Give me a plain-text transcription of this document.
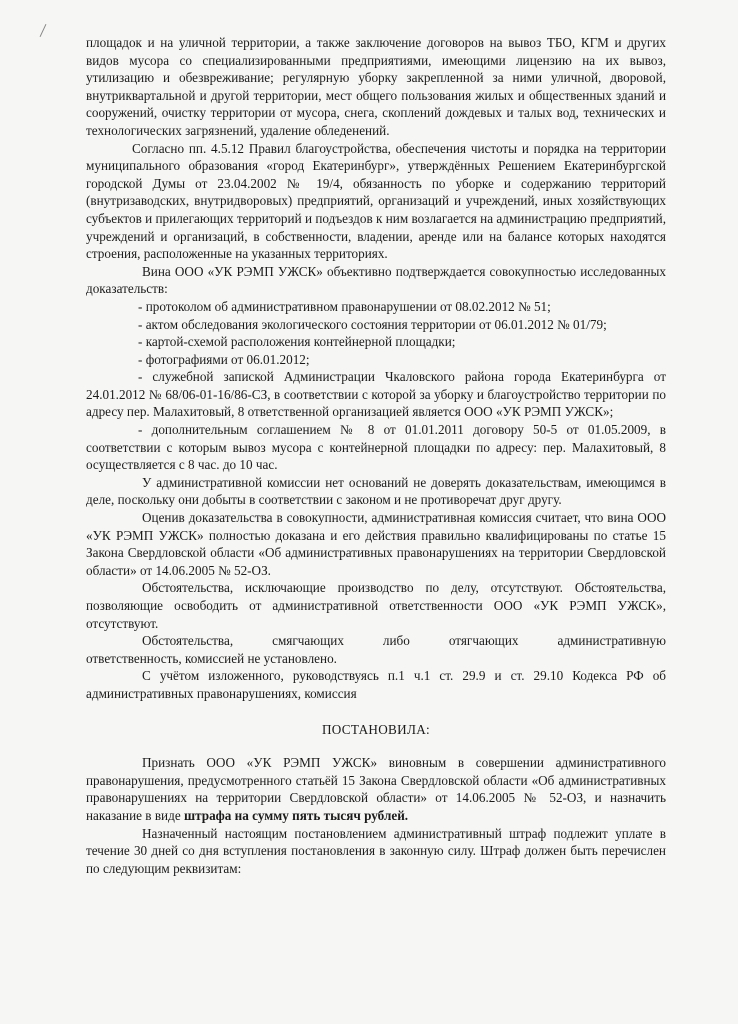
площадок и на уличной территории, а также заключение договоров на вывоз ТБО, КГМ и других видов мусора со специализированными предприятиями, имеющими лицензию на их вывоз, утилизацию и обезвреживание; регулярную уборку закрепленной за ними уличной, дворовой, внутриквартальной и другой территории, мест общего пользования жилых и общественных зданий и сооружений, очистку территории от мусора, снега, скоплений дождевых и талых вод, технических и технологических загрязнений, удаление обледенений.

Согласно пп. 4.5.12 Правил благоустройства, обеспечения чистоты и порядка на территории муниципального образования «город Екатеринбург», утверждённых Решением Екатеринбургской городской Думы от 23.04.2002 № 19/4, обязанность по уборке и содержанию территорий (внутризаводских, внутридворовых) предприятий, организаций и учреждений, иных хозяйствующих субъектов и прилегающих территорий и подъездов к ним возлагается на администрацию предприятий, учреждений и организаций, в собственности, владении, аренде или на балансе которых находятся строения, расположенные на указанных территориях.

Вина ООО «УК РЭМП УЖСК» объективно подтверждается совокупностью исследованных доказательств:

- протоколом об административном правонарушении от 08.02.2012 № 51;

- актом обследования экологического состояния территории от 06.01.2012 № 01/79;

- картой-схемой расположения контейнерной площадки;

- фотографиями от 06.01.2012;

- служебной запиской Администрации Чкаловского района города Екатеринбурга от 24.01.2012 № 68/06-01-16/86-СЗ, в соответствии с которой за уборку и благоустройство территории по адресу пер. Малахитовый, 8 ответственной организацией является ООО «УК РЭМП УЖСК»;

- дополнительным соглашением № 8 от 01.01.2011 договору 50-5 от 01.05.2009, в соответствии с которым вывоз мусора с контейнерной площадки по адресу: пер. Малахитовый, 8 осуществляется с 8 час. до 10 час.

У административной комиссии нет оснований не доверять доказательствам, имеющимся в деле, поскольку они добыты в соответствии с законом и не противоречат друг другу.

Оценив доказательства в совокупности, административная комиссия считает, что вина ООО «УК РЭМП УЖСК» полностью доказана и его действия правильно квалифицированы по статье 15 Закона Свердловской области «Об административных правонарушениях на территории Свердловской области» от 14.06.2005 № 52-ОЗ.

Обстоятельства, исключающие производство по делу, отсутствуют. Обстоятельства, позволяющие освободить от административной ответственности ООО «УК РЭМП УЖСК», отсутствуют.

Обстоятельства,	смягчающих	либо	отягчающих	административную

ответственность, комиссией не установлено.

С учётом изложенного, руководствуясь п.1 ч.1 ст. 29.9 и ст. 29.10 Кодекса РФ об административных правонарушениях, комиссия

ПОСТАНОВИЛА:

Признать ООО «УК РЭМП УЖСК» виновным в совершении административного правонарушения, предусмотренного статьёй 15 Закона Свердловской области «Об административных правонарушениях на территории Свердловской области» от 14.06.2005 № 52-ОЗ, и назначить наказание в виде штрафа на сумму пять тысяч рублей.

Назначенный настоящим постановлением административный штраф подлежит уплате в течение 30 дней со дня вступления постановления в законную силу. Штраф должен быть перечислен по следующим реквизитам:
